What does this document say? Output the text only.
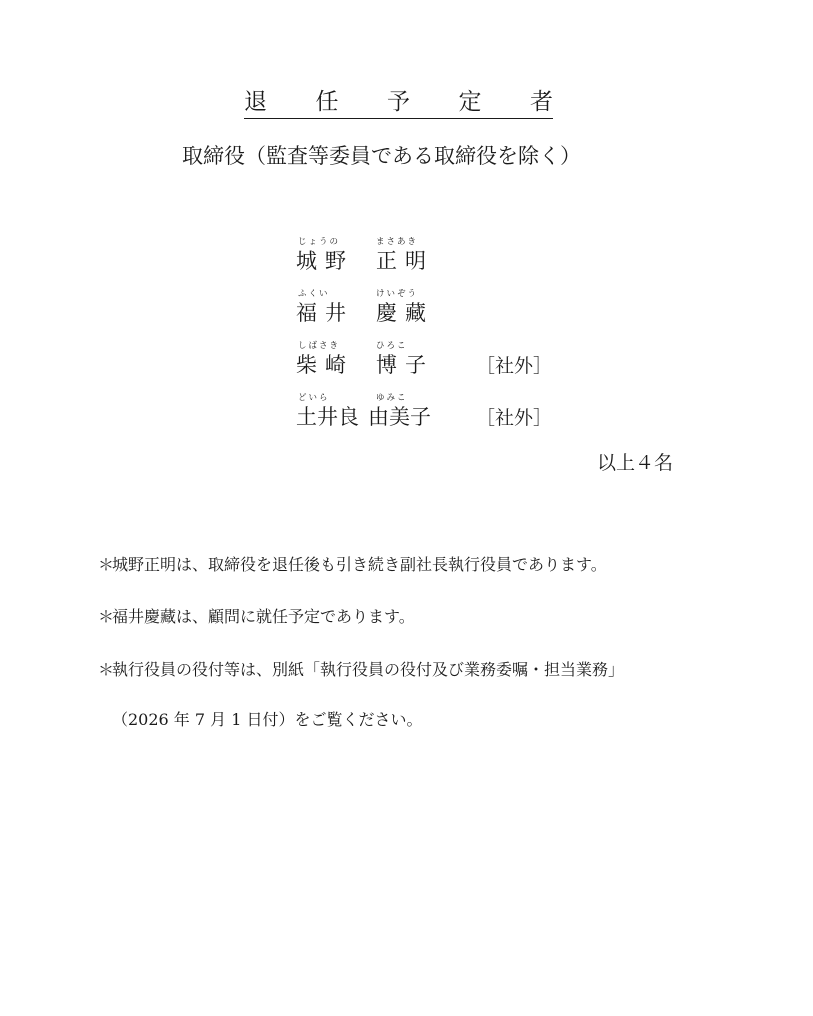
退 任 予 定 者
取締役（監査等委員である取締役を除く）
じょうの	まさあき
城 野 正 明
ふくい	けいぞう
福 井 慶 藏
しばさき	ひろこ
柴 崎 博 子	［社外］
どいら	ゆみこ
土井良 由美子 ［社外］
以上４名
＊城野正明は、取締役を退任後も引き続き副社長執行役員であります。
＊福井慶藏は、顧問に就任予定であります。
＊執行役員の役付等は、別紙「執行役員の役付及び業務委嘱・担当業務」
（2026 年 7 月 1 日付）をご覧ください。
